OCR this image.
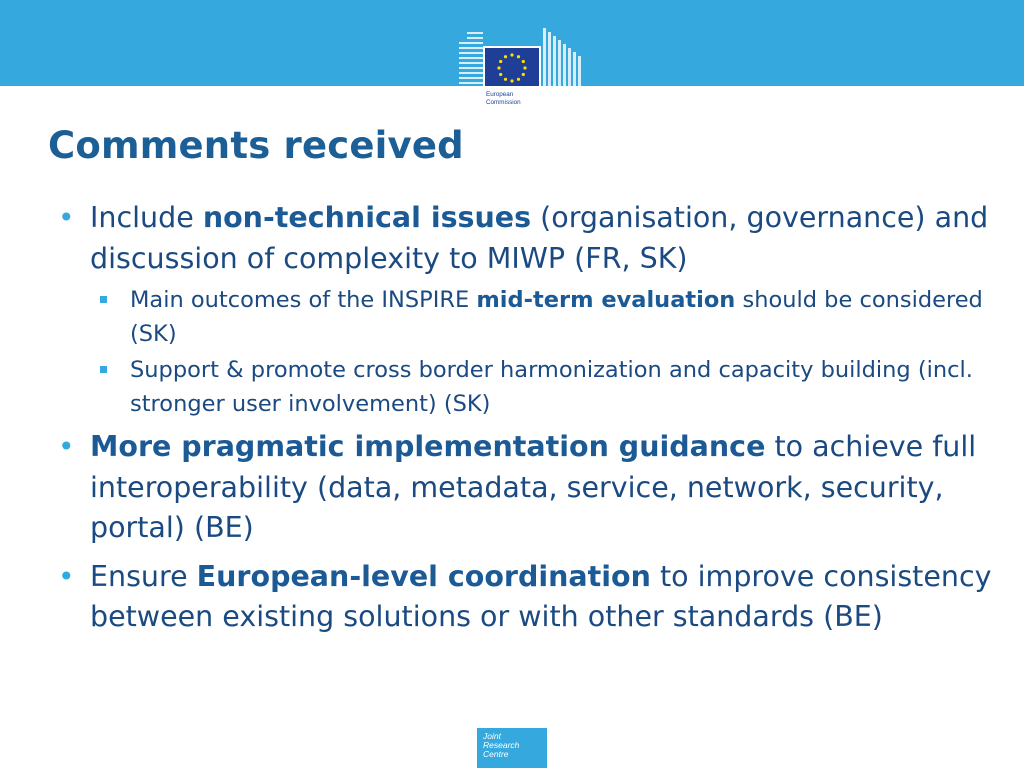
European
Commission
Comments received

• Include non-technical issues (organisation, governance) and discussion of complexity to MIWP (FR, SK)

Main outcomes of the INSPIRE mid-term evaluation should be considered (SK)

Support & promote cross border harmonization and capacity building (incl. stronger user involvement) (SK)

• More pragmatic implementation guidance to achieve full interoperability (data, metadata, service, network, security, portal) (BE)

• Ensure European-level coordination to improve consistency between existing solutions or with other standards (BE)

Joint
Research
Centre
